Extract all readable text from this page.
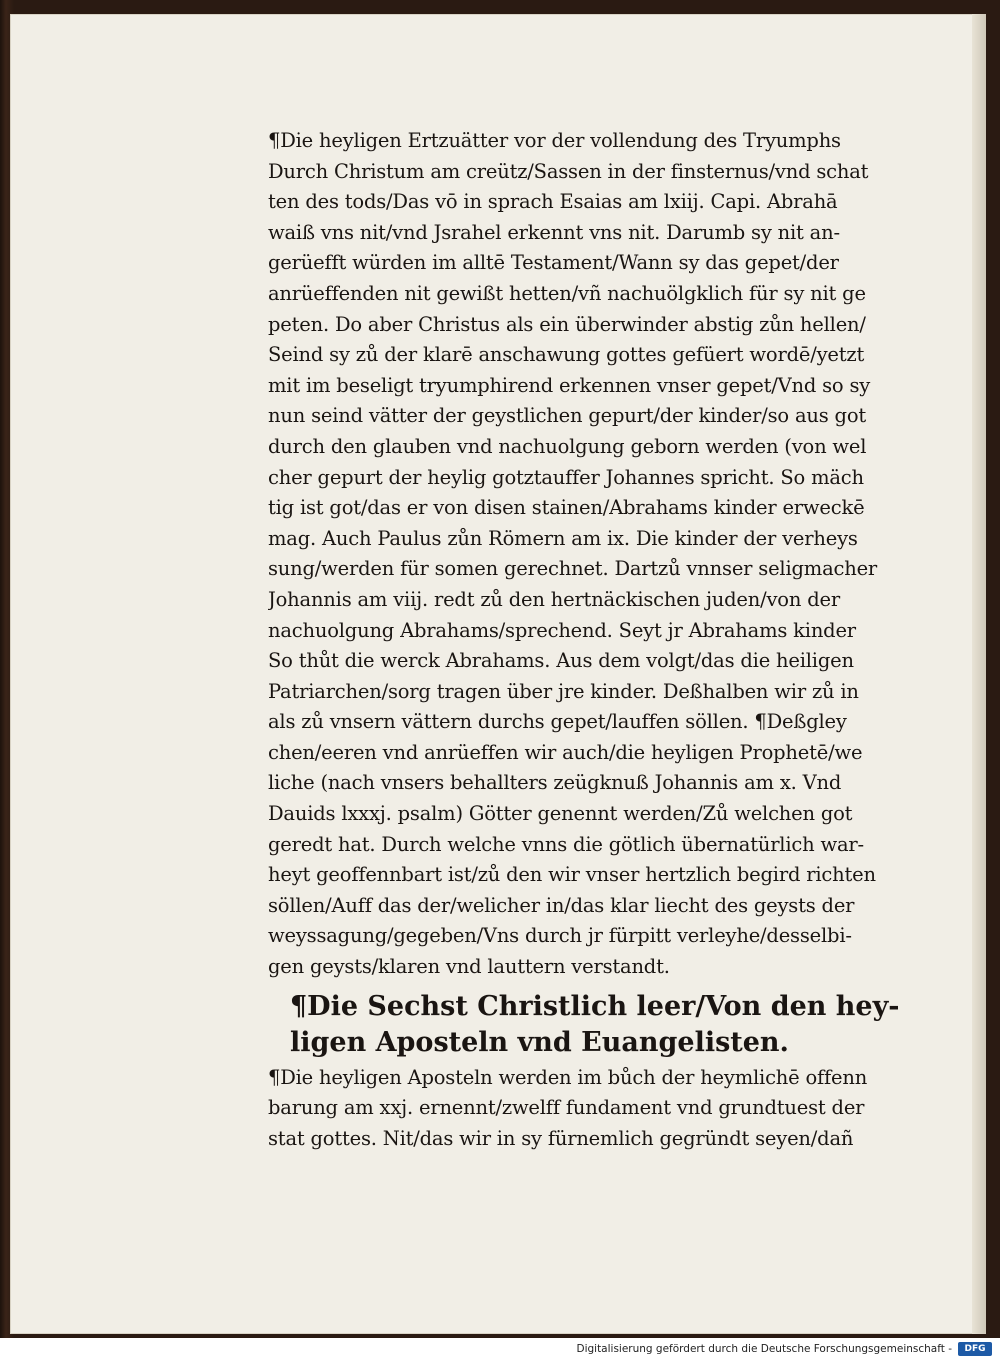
¶Die heyligen Ertzuätter vor der vollendung des Tryumphs
Durch Christum am creütz/Sassen in der finsternus/vnd schat
ten des tods/Das vō in sprach Esaias am lxiij. Capi. Abrahā
waiß vns nit/vnd Jsrahel erkennt vns nit. Darumb sy nit an-
gerüefft würden im alltē Testament/Wann sy das gepet/der
anrüeffenden nit gewißt hetten/vñ nachuölgklich für sy nit ge
peten. Do aber Christus als ein überwinder abstig zůn hellen/
Seind sy zů der klarē anschawung gottes gefüert wordē/yetzt
mit im beseligt tryumphirend erkennen vnser gepet/Vnd so sy
nun seind vätter der geystlichen gepurt/der kinder/so aus got
durch den glauben vnd nachuolgung geborn werden (von wel
cher gepurt der heylig gotztauffer Johannes spricht. So mäch
tig ist got/das er von disen stainen/Abrahams kinder erweckē
mag. Auch Paulus zůn Römern am ix. Die kinder der verheys
sung/werden für somen gerechnet. Dartzů vnnser seligmacher
Johannis am viij. redt zů den hertnäckischen juden/von der
nachuolgung Abrahams/sprechend. Seyt jr Abrahams kinder
So thůt die werck Abrahams. Aus dem volgt/das die heiligen
Patriarchen/sorg tragen über jre kinder. Deßhalben wir zů in
als zů vnsern vättern durchs gepet/lauffen söllen. ¶Deßgley
chen/eeren vnd anrüeffen wir auch/die heyligen Prophetē/we
liche (nach vnsers behallters zeügknuß Johannis am x. Vnd
Dauids lxxxj. psalm) Götter genennt werden/Zů welchen got
geredt hat. Durch welche vnns die götlich übernatürlich war-
heyt geoffennbart ist/zů den wir vnser hertzlich begird richten
söllen/Auff das der/welicher in/das klar liecht des geysts der
weyssagung/gegeben/Vns durch jr fürpitt verleyhe/desselbi-
gen geysts/klaren vnd lauttern verstandt.
¶Die Sechst Christlich leer/Von den hey-
ligen Aposteln vnd Euangelisten.
¶Die heyligen Aposteln werden im bůch der heymlichē offenn
barung am xxj. ernennt/zwelff fundament vnd grundtuest der
stat gottes. Nit/das wir in sy fürnemlich gegründt seyen/dañ
Digitalisierung gefördert durch die Deutsche Forschungsgemeinschaft -	DFG
